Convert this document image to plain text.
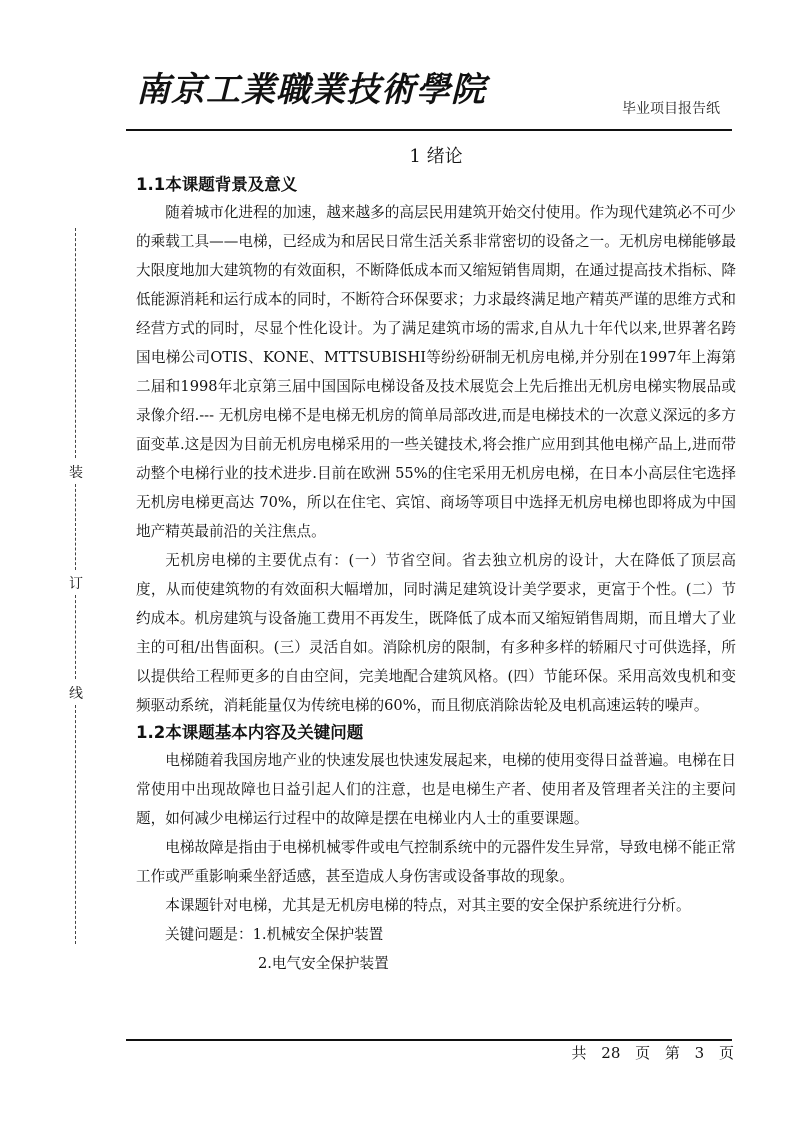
南京工業職業技術學院	毕业项目报告纸
装
订
线
1 绪论
1.1本课题背景及意义

随着城市化进程的加速，越来越多的高层民用建筑开始交付使用。作为现代建筑必不可少的乘载工具——电梯，已经成为和居民日常生活关系非常密切的设备之一。无机房电梯能够最大限度地加大建筑物的有效面积，不断降低成本而又缩短销售周期，在通过提高技术指标、降低能源消耗和运行成本的同时，不断符合环保要求；力求最终满足地产精英严谨的思维方式和经营方式的同时，尽显个性化设计。为了满足建筑市场的需求,自从九十年代以来,世界著名跨国电梯公司OTIS、KONE、MTTSUBISHI等纷纷研制无机房电梯,并分别在1997年上海第二届和1998年北京第三届中国国际电梯设备及技术展览会上先后推出无机房电梯实物展品或录像介绍.--- 无机房电梯不是电梯无机房的简单局部改进,而是电梯技术的一次意义深远的多方面变革.这是因为目前无机房电梯采用的一些关键技术,将会推广应用到其他电梯产品上,进而带动整个电梯行业的技术进步.目前在欧洲 55%的住宅采用无机房电梯，在日本小高层住宅选择无机房电梯更高达 70%，所以在住宅、宾馆、商场等项目中选择无机房电梯也即将成为中国地产精英最前沿的关注焦点。

无机房电梯的主要优点有：(一）节省空间。省去独立机房的设计，大在降低了顶层高度，从而使建筑物的有效面积大幅增加，同时满足建筑设计美学要求，更富于个性。(二）节约成本。机房建筑与设备施工费用不再发生，既降低了成本而又缩短销售周期，而且增大了业主的可租/出售面积。(三）灵活自如。消除机房的限制，有多种多样的轿厢尺寸可供选择，所以提供给工程师更多的自由空间，完美地配合建筑风格。(四）节能环保。采用高效曳机和变频驱动系统，消耗能量仅为传统电梯的60%，而且彻底消除齿轮及电机高速运转的噪声。

1.2本课题基本内容及关键问题

电梯随着我国房地产业的快速发展也快速发展起来，电梯的使用变得日益普遍。电梯在日常使用中出现故障也日益引起人们的注意，也是电梯生产者、使用者及管理者关注的主要问题，如何减少电梯运行过程中的故障是摆在电梯业内人士的重要课题。

电梯故障是指由于电梯机械零件或电气控制系统中的元器件发生异常，导致电梯不能正常工作或严重影响乘坐舒适感，甚至造成人身伤害或设备事故的现象。

本课题针对电梯，尤其是无机房电梯的特点，对其主要的安全保护系统进行分析。

关键问题是：1.机械安全保护装置

2.电气安全保护装置

共 28 页 第 3 页
